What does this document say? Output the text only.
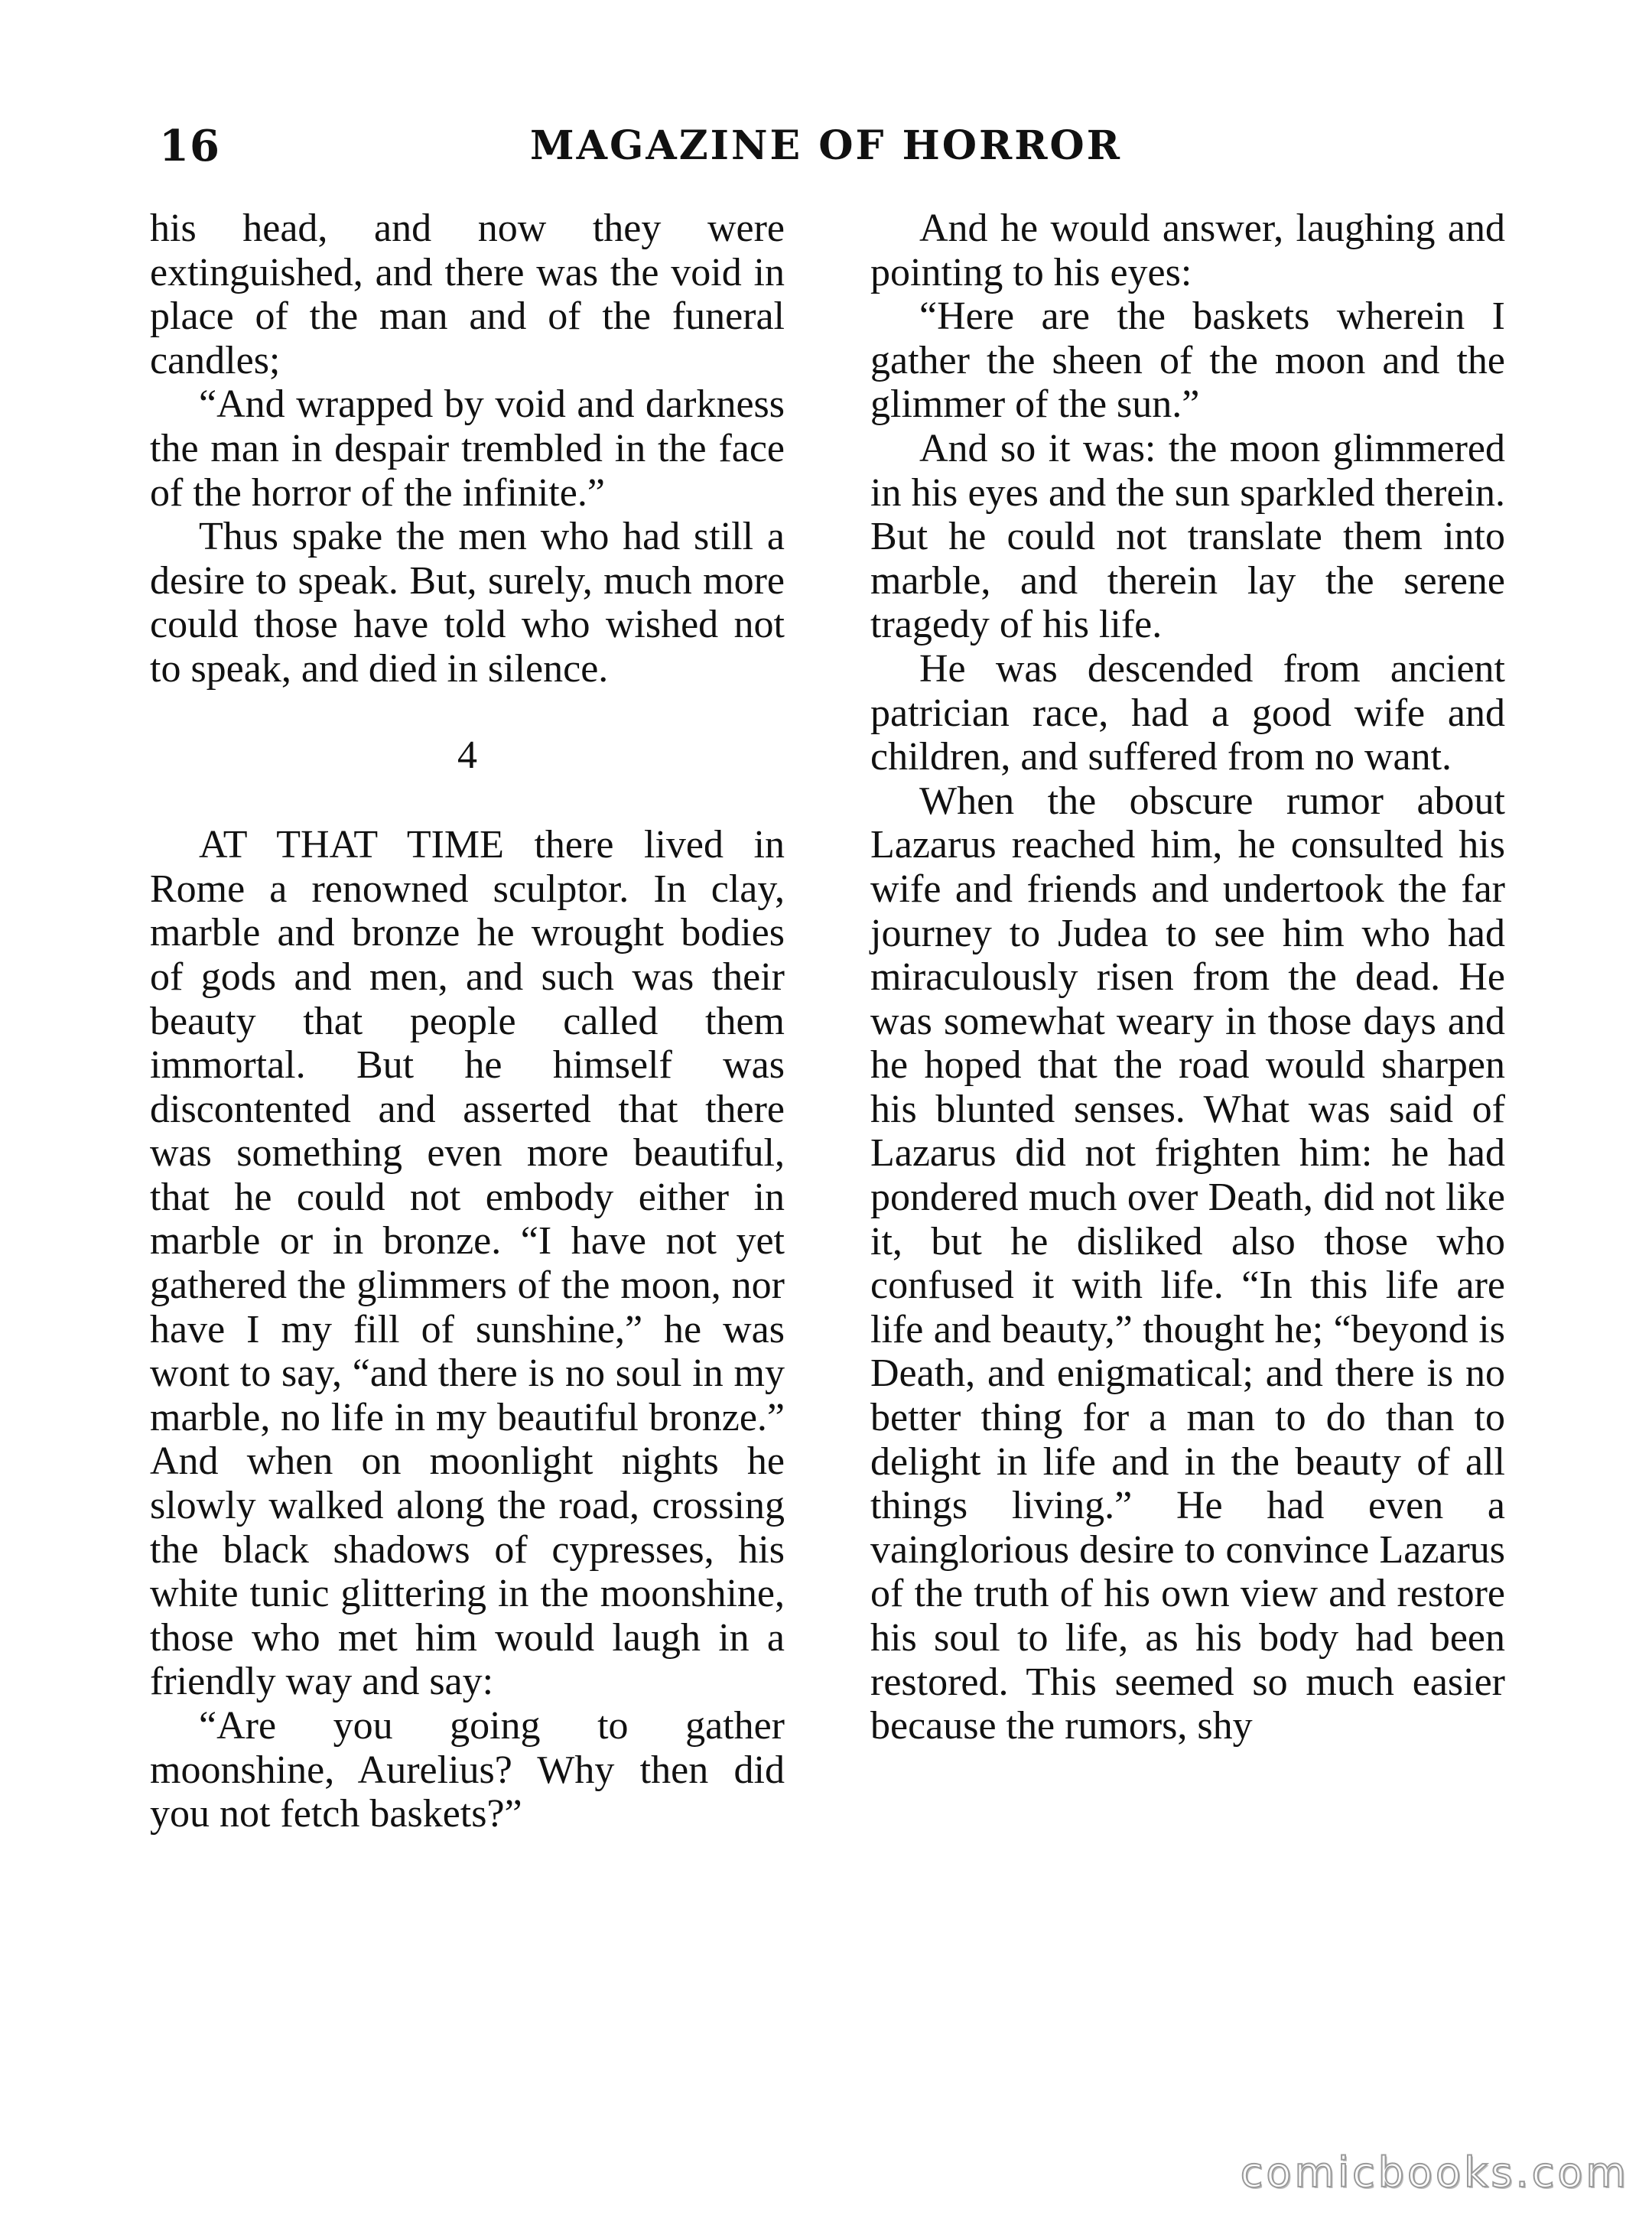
16	MAGAZINE OF HORROR

his head, and now they were extinguished, and there was the void in place of the man and of the funeral candles;

“And wrapped by void and darkness the man in despair trembled in the face of the horror of the infinite.”

Thus spake the men who had still a desire to speak. But, surely, much more could those have told who wished not to speak, and died in silence.

4

AT THAT TIME there lived in Rome a renowned sculptor. In clay, marble and bronze he wrought bodies of gods and men, and such was their beauty that people called them immortal. But he himself was discontented and asserted that there was something even more beautiful, that he could not embody either in marble or in bronze. “I have not yet gathered the glimmers of the moon, nor have I my fill of sunshine,” he was wont to say, “and there is no soul in my marble, no life in my beautiful bronze.” And when on moonlight nights he slowly walked along the road, crossing the black shadows of cypresses, his white tunic glittering in the moonshine, those who met him would laugh in a friendly way and say:

“Are you going to gather moonshine, Aurelius? Why then did you not fetch baskets?”

And he would answer, laughing and pointing to his eyes:

“Here are the baskets wherein I gather the sheen of the moon and the glimmer of the sun.”

And so it was: the moon glimmered in his eyes and the sun sparkled therein. But he could not translate them into marble, and therein lay the serene tragedy of his life.

He was descended from ancient patrician race, had a good wife and children, and suffered from no want.

When the obscure rumor about Lazarus reached him, he consulted his wife and friends and undertook the far journey to Judea to see him who had miraculously risen from the dead. He was somewhat weary in those days and he hoped that the road would sharpen his blunted senses. What was said of Lazarus did not frighten him: he had pondered much over Death, did not like it, but he disliked also those who confused it with life. “In this life are life and beauty,” thought he; “beyond is Death, and enigmatical; and there is no better thing for a man to do than to delight in life and in the beauty of all things living.” He had even a vainglorious desire to convince Lazarus of the truth of his own view and restore his soul to life, as his body had been restored. This seemed so much easier because the rumors, shy

comicbooks.com
